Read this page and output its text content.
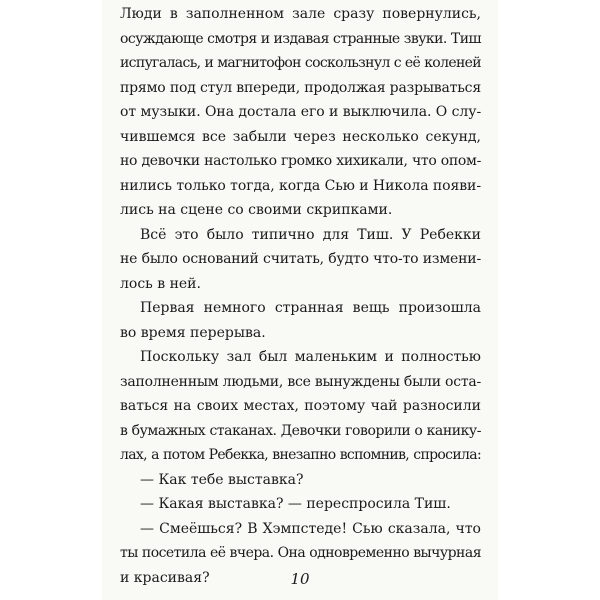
Люди в заполненном зале сразу повернулись,
осуждающе смотря и издавая странные звуки. Тиш
испугалась, и магнитофон соскользнул с её коленей
прямо под стул впереди, продолжая разрываться
от музыки. Она достала его и выключила. О слу-
чившемся все забыли через несколько секунд,
но девочки настолько громко хихикали, что опом-
нились только тогда, когда Сью и Никола появи-
лись на сцене со своими скрипками.
Всё это было типично для Тиш. У Ребекки
не было оснований считать, будто что-то измени-
лось в ней.
Первая немного странная вещь произошла
во время перерыва.
Поскольку зал был маленьким и полностью
заполненным людьми, все вынуждены были оста-
ваться на своих местах, поэтому чай разносили
в бумажных стаканах. Девочки говорили о канику-
лах, а потом Ребекка, внезапно вспомнив, спросила:
— Как тебе выставка?
— Какая выставка? — переспросила Тиш.
— Смеёшься? В Хэмпстеде! Сью сказала, что
ты посетила её вчера. Она одновременно вычурная
и красивая?	10
